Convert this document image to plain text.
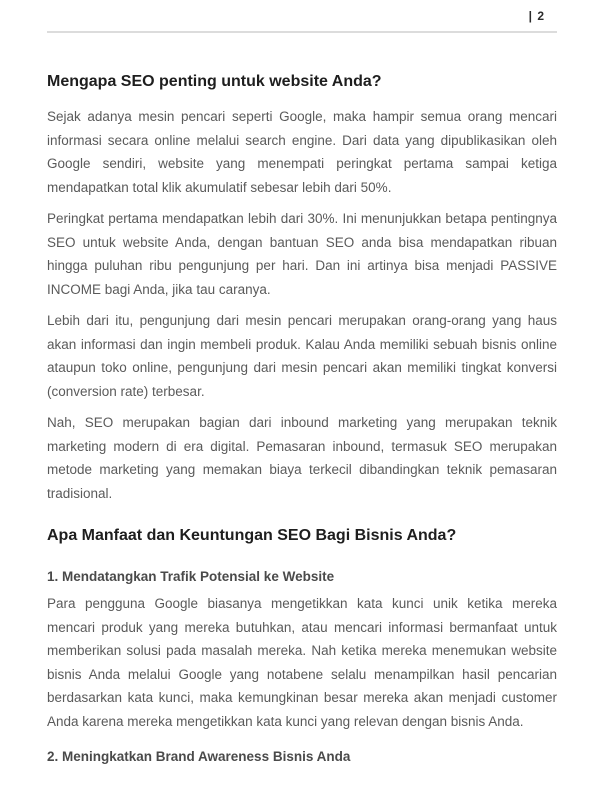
| 2
Mengapa SEO penting untuk website Anda?

Sejak adanya mesin pencari seperti Google, maka hampir semua orang mencari informasi secara online melalui search engine. Dari data yang dipublikasikan oleh Google sendiri, website yang menempati peringkat pertama sampai ketiga mendapatkan total klik akumulatif sebesar lebih dari 50%.

Peringkat pertama mendapatkan lebih dari 30%. Ini menunjukkan betapa pentingnya SEO untuk website Anda, dengan bantuan SEO anda bisa mendapatkan ribuan hingga puluhan ribu pengunjung per hari. Dan ini artinya bisa menjadi PASSIVE INCOME bagi Anda, jika tau caranya.

Lebih dari itu, pengunjung dari mesin pencari merupakan orang-orang yang haus akan informasi dan ingin membeli produk. Kalau Anda memiliki sebuah bisnis online ataupun toko online, pengunjung dari mesin pencari akan memiliki tingkat konversi (conversion rate) terbesar.

Nah, SEO merupakan bagian dari inbound marketing yang merupakan teknik marketing modern di era digital. Pemasaran inbound, termasuk SEO merupakan metode marketing yang memakan biaya terkecil dibandingkan teknik pemasaran tradisional.

Apa Manfaat dan Keuntungan SEO Bagi Bisnis Anda?
1. Mendatangkan Trafik Potensial ke Website

Para pengguna Google biasanya mengetikkan kata kunci unik ketika mereka mencari produk yang mereka butuhkan, atau mencari informasi bermanfaat untuk memberikan solusi pada masalah mereka. Nah ketika mereka menemukan website bisnis Anda melalui Google yang notabene selalu menampilkan hasil pencarian berdasarkan kata kunci, maka kemungkinan besar mereka akan menjadi customer Anda karena mereka mengetikkan kata kunci yang relevan dengan bisnis Anda.

2. Meningkatkan Brand Awareness Bisnis Anda
